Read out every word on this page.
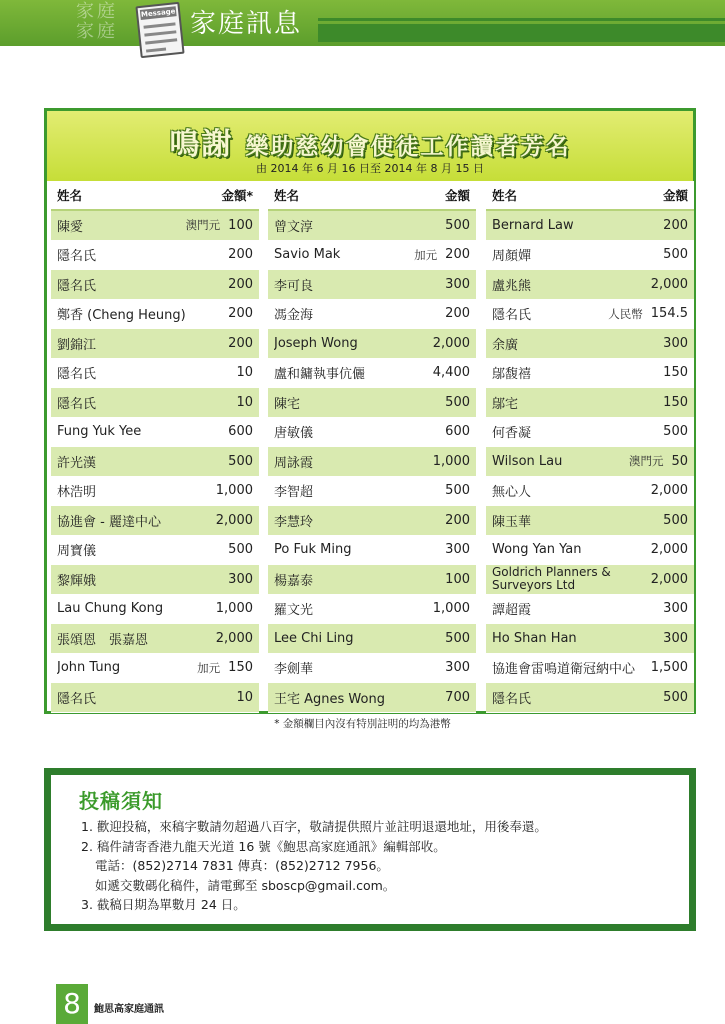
家庭
家庭
Message 家庭訊息
鳴謝 樂助慈幼會使徒工作讀者芳名
由 2014 年 6 月 16 日至 2014 年 8 月 15 日
姓名	金額*
陳愛	澳門元 100
隱名氏	200
隱名氏	200
鄭香 (Cheng Heung)	200
劉錦江	200
隱名氏	10
隱名氏	10
Fung Yuk Yee	600
許光漢	500
林浩明	1,000
協進會 - 麗達中心	2,000
周寶儀	500
黎輝娥	300
Lau Chung Kong	1,000
張頌恩　張嘉恩	2,000
John Tung	加元 150
隱名氏	10
姓名	金額
曾文淳	500
Savio Mak	加元 200
李可良	300
馮金海	200
Joseph Wong	2,000
盧和鏞執事伉儷	4,400
陳宅	500
唐敏儀	600
周詠霞	1,000
李智超	500
李慧玲	200
Po Fuk Ming	300
楊嘉泰	100
羅文光	1,000
Lee Chi Ling	500
李劍華	300
王宅 Agnes Wong	700
姓名	金額
Bernard Law	200
周顏嬋	500
盧兆熊	2,000
隱名氏	人民幣 154.5
余廣	300
鄔馥禧	150
鄔宅	150
何香凝	500
Wilson Lau	澳門元 50
無心人	2,000
陳玉華	500
Wong Yan Yan	2,000
Goldrich Planners & Surveyors Ltd	2,000
譚超霞	300
Ho Shan Han	300
協進會雷鳴道衛冠納中心	1,500
隱名氏	500
* 金額欄目內沒有特別註明的均為港幣
投稿須知
1. 歡迎投稿，來稿字數請勿超過八百字，敬請提供照片並註明退還地址，用後奉還。
2. 稿件請寄香港九龍天光道 16 號《鮑思高家庭通訊》編輯部收。
電話：(852)2714 7831 傳真：(852)2712 7956。
如遞交數碼化稿件，請電郵至 sboscp@gmail.com。
3. 截稿日期為單數月 24 日。
8	鮑思高家庭通訊
